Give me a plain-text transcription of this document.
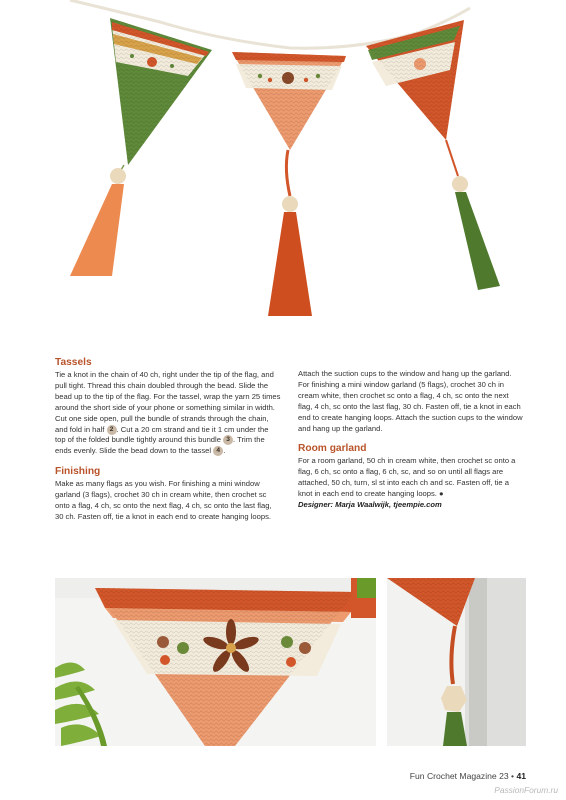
Tassels

Tie a knot in the chain of 40 ch, right under the tip of the flag, and pull tight. Thread this chain doubled through the bead. Slide the bead up to the tip of the flag. For the tassel, wrap the yarn 25 times around the short side of your phone or something similar in width. Cut one side open, pull the bundle of strands through the chain, and fold in half 2 . Cut a 20 cm strand and tie it 1 cm under the top of the folded bundle tightly around this bundle 3 . Trim the ends evenly. Slide the bead down to the tassel 4 .

Finishing

Make as many flags as you wish. For finishing a mini window garland (3 flags), crochet 30 ch in cream white, then crochet sc onto a flag, 4 ch, sc onto the next flag, 4 ch, sc onto the last flag, 30 ch. Fasten off, tie a knot in each end to create hanging loops.

Attach the suction cups to the window and hang up the garland. For finishing a mini window garland (5 flags), crochet 30 ch in cream white, then crochet sc onto a flag, 4 ch, sc onto the next flag, 4 ch, sc onto the last flag, 30 ch. Fasten off, tie a knot in each end to create hanging loops. Attach the suction cups to the window and hang up the garland.

Room garland

For a room garland, 50 ch in cream white, then crochet sc onto a flag, 6 ch, sc onto a flag, 6 ch, sc, and so on until all flags are attached, 50 ch, turn, sl st into each ch and sc. Fasten off, tie a knot in each end to create hanging loops. ●

Designer: Marja Waalwijk, tjeempie.com

Fun Crochet Magazine 23 • 41
PassionForum.ru
